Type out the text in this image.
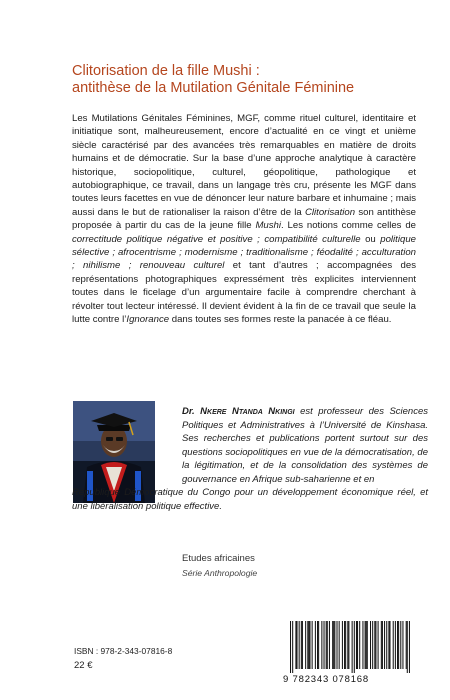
Clitorisation de la fille Mushi :
antithèse de la Mutilation Génitale Féminine

Les Mutilations Génitales Féminines, MGF, comme rituel culturel, identitaire et initiatique sont, malheureusement, encore d’actualité en ce vingt et unième siècle caractérisé par des avancées très remarquables en matière de droits humains et de démocratie. Sur la base d’une approche analytique à caractère historique, sociopolitique, culturel, géopolitique, pathologique et autobiographique, ce travail, dans un langage très cru, présente les MGF dans toutes leurs facettes en vue de dénoncer leur nature barbare et inhumaine ; mais aussi dans le but de rationaliser la raison d’être de la Clitorisation son antithèse proposée à partir du cas de la jeune fille Mushi. Les notions comme celles de correctitude politique négative et positive ; compatibilité culturelle ou politique sélective ; afrocentrisme ; modernisme ; traditionalisme ; féodalité ; acculturation ; nihilisme ; renouveau culturel et tant d’autres ; accompagnées des représentations photographiques expressément très explicites interviennent toutes dans le ficelage d’un argumentaire facile à comprendre cherchant à révolter tout lecteur intéressé. Il devient évident à la fin de ce travail que seule la lutte contre l’Ignorance dans toutes ses formes reste la panacée à ce fléau.

Dr. Nkere Ntanda Nkingi est professeur des Sciences Politiques et Administratives à l’Université de Kinshasa. Ses recherches et publications portent surtout sur des questions sociopolitiques en vue de la démocratisation, de la légitimation, et de la consolidation des systèmes de gouvernance en Afrique sub-saharienne et en
République Démocratique du Congo pour un développement économique réel, et une libéralisation politique effective.
Etudes africaines
Série Anthropologie
ISBN : 978-2-343-07816-8
22 €
9 782343 078168
